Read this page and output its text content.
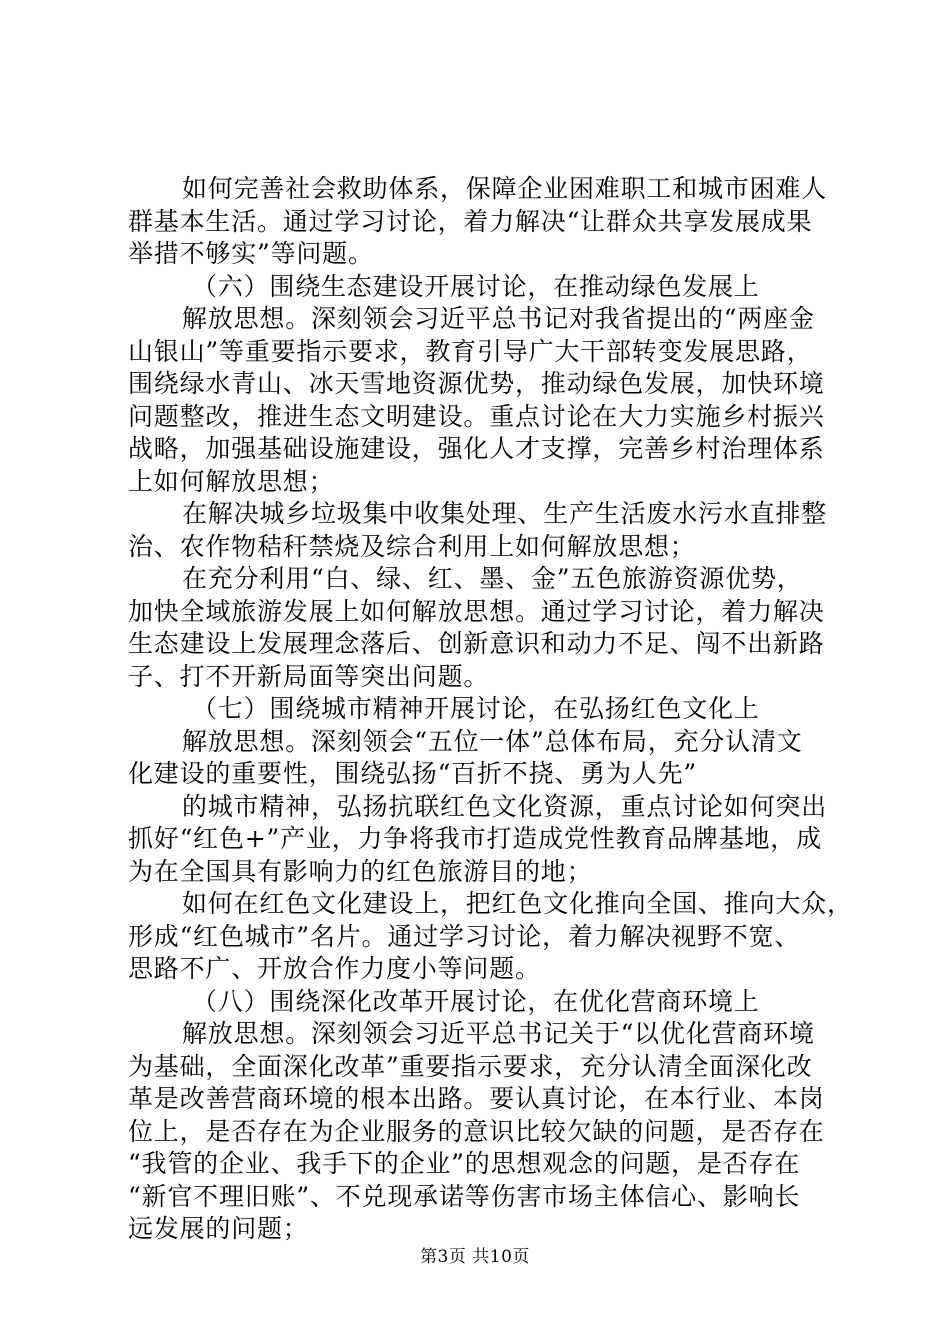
如何完善社会救助体系，保障企业困难职工和城市困难人

群基本生活。通过学习讨论，着力解决“让群众共享发展成果

举措不够实”等问题。

（六）围绕生态建设开展讨论，在推动绿色发展上

解放思想。深刻领会习近平总书记对我省提出的“两座金

山银山”等重要指示要求，教育引导广大干部转变发展思路，

围绕绿水青山、冰天雪地资源优势，推动绿色发展，加快环境

问题整改，推进生态文明建设。重点讨论在大力实施乡村振兴

战略，加强基础设施建设，强化人才支撑，完善乡村治理体系

上如何解放思想；

在解决城乡垃圾集中收集处理、生产生活废水污水直排整

治、农作物秸秆禁烧及综合利用上如何解放思想；

在充分利用“白、绿、红、墨、金”五色旅游资源优势，

加快全域旅游发展上如何解放思想。通过学习讨论，着力解决

生态建设上发展理念落后、创新意识和动力不足、闯不出新路

子、打不开新局面等突出问题。

（七）围绕城市精神开展讨论，在弘扬红色文化上

解放思想。深刻领会“五位一体”总体布局，充分认清文

化建设的重要性，围绕弘扬“百折不挠、勇为人先”

的城市精神，弘扬抗联红色文化资源，重点讨论如何突出

抓好“红色+”产业，力争将我市打造成党性教育品牌基地，成

为在全国具有影响力的红色旅游目的地；

如何在红色文化建设上，把红色文化推向全国、推向大众，

形成“红色城市”名片。通过学习讨论，着力解决视野不宽、

思路不广、开放合作力度小等问题。

（八）围绕深化改革开展讨论，在优化营商环境上

解放思想。深刻领会习近平总书记关于“以优化营商环境

为基础，全面深化改革”重要指示要求，充分认清全面深化改

革是改善营商环境的根本出路。要认真讨论，在本行业、本岗

位上，是否存在为企业服务的意识比较欠缺的问题，是否存在

“我管的企业、我手下的企业”的思想观念的问题，是否存在

“新官不理旧账”、不兑现承诺等伤害市场主体信心、影响长

远发展的问题；

第3页 共10页
